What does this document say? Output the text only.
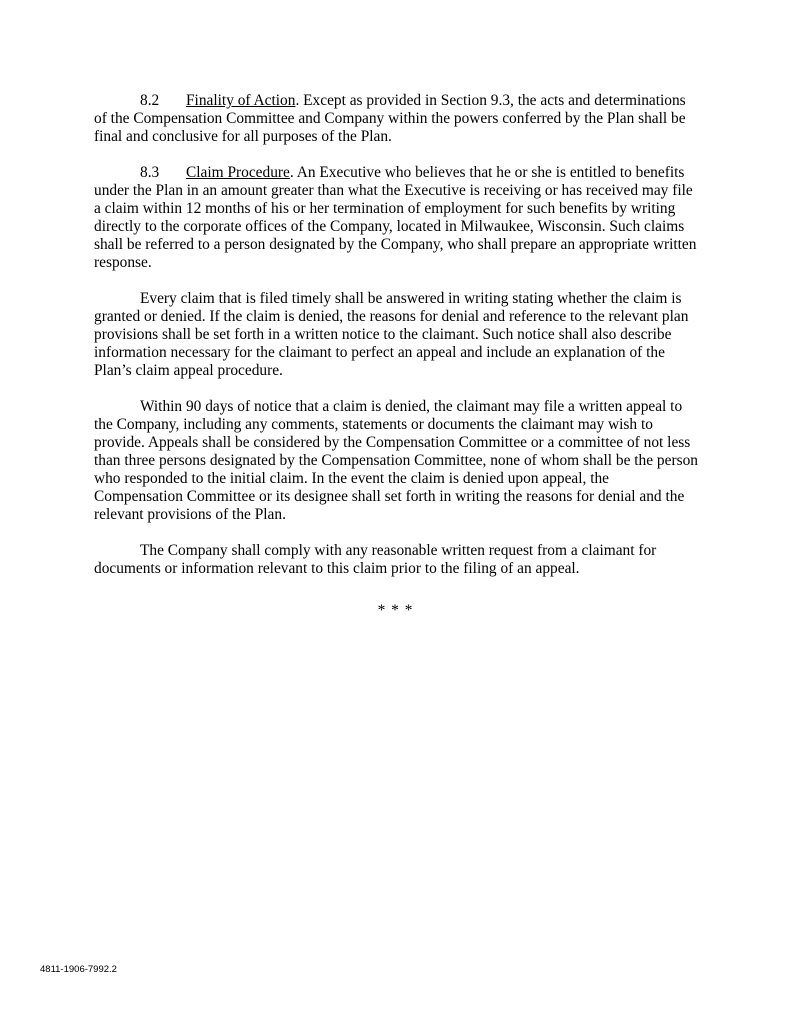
8.2 Finality of Action. Except as provided in Section 9.3, the acts and determinations of the Compensation Committee and Company within the powers conferred by the Plan shall be final and conclusive for all purposes of the Plan.

8.3 Claim Procedure. An Executive who believes that he or she is entitled to benefits under the Plan in an amount greater than what the Executive is receiving or has received may file a claim within 12 months of his or her termination of employment for such benefits by writing directly to the corporate offices of the Company, located in Milwaukee, Wisconsin. Such claims shall be referred to a person designated by the Company, who shall prepare an appropriate written response.

Every claim that is filed timely shall be answered in writing stating whether the claim is granted or denied. If the claim is denied, the reasons for denial and reference to the relevant plan provisions shall be set forth in a written notice to the claimant. Such notice shall also describe information necessary for the claimant to perfect an appeal and include an explanation of the Plan’s claim appeal procedure.

Within 90 days of notice that a claim is denied, the claimant may file a written appeal to the Company, including any comments, statements or documents the claimant may wish to provide. Appeals shall be considered by the Compensation Committee or a committee of not less than three persons designated by the Compensation Committee, none of whom shall be the person who responded to the initial claim. In the event the claim is denied upon appeal, the Compensation Committee or its designee shall set forth in writing the reasons for denial and the relevant provisions of the Plan.

The Company shall comply with any reasonable written request from a claimant for documents or information relevant to this claim prior to the filing of an appeal.

* * *
4811-1906-7992.2
